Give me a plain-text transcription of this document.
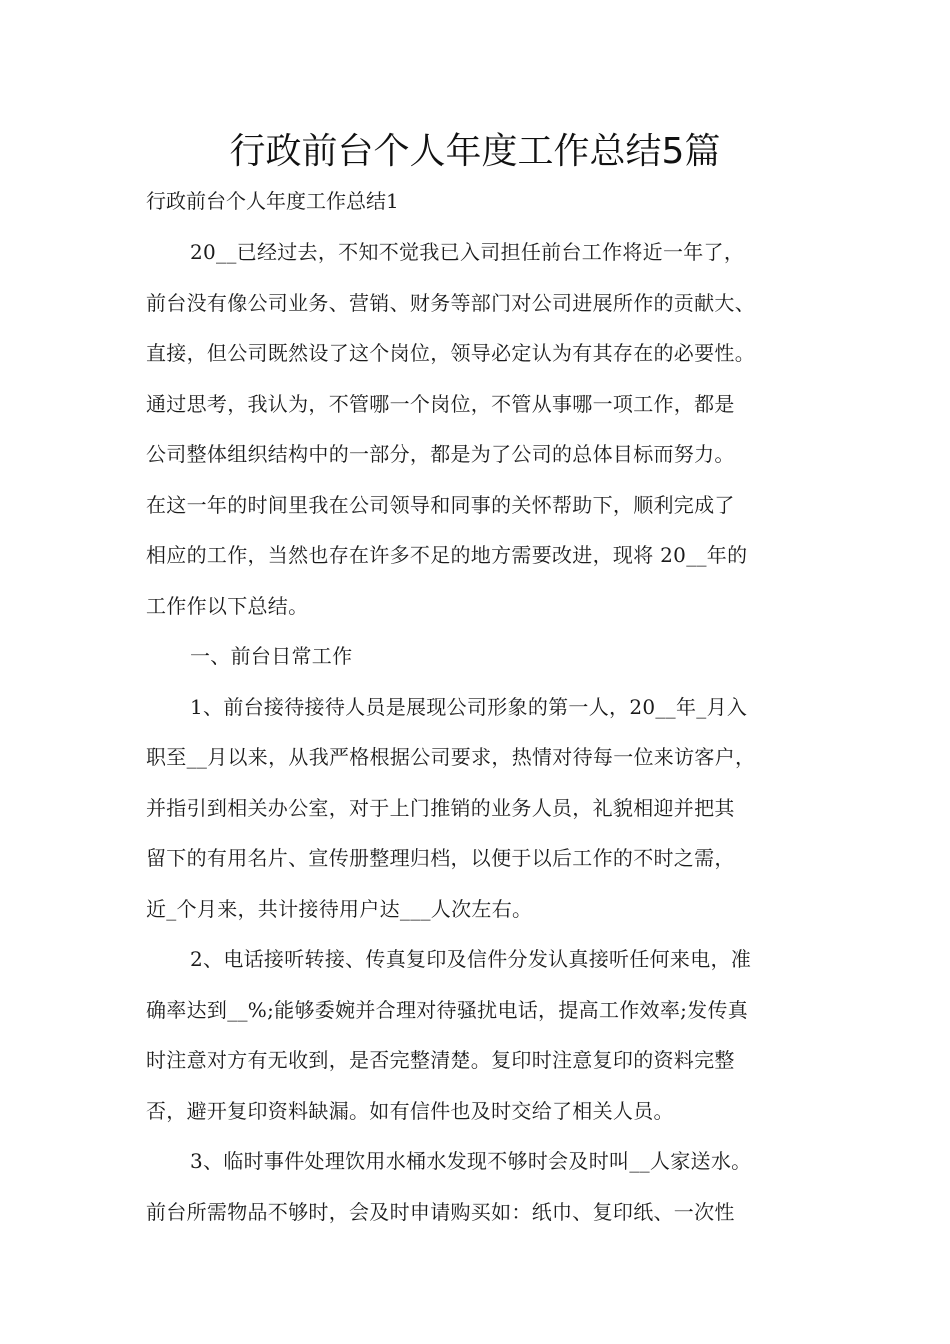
行政前台个人年度工作总结5篇

行政前台个人年度工作总结1

20__已经过去，不知不觉我已入司担任前台工作将近一年了，
前台没有像公司业务、营销、财务等部门对公司进展所作的贡献大、
直接，但公司既然设了这个岗位，领导必定认为有其存在的必要性。
通过思考，我认为，不管哪一个岗位，不管从事哪一项工作，都是
公司整体组织结构中的一部分，都是为了公司的总体目标而努力。
在这一年的时间里我在公司领导和同事的关怀帮助下，顺利完成了
相应的工作，当然也存在许多不足的地方需要改进，现将 20__年的
工作作以下总结。
一、前台日常工作
1、前台接待接待人员是展现公司形象的第一人，20__年_月入
职至__月以来，从我严格根据公司要求，热情对待每一位来访客户，
并指引到相关办公室，对于上门推销的业务人员，礼貌相迎并把其
留下的有用名片、宣传册整理归档，以便于以后工作的不时之需，
近_个月来，共计接待用户达___人次左右。
2、电话接听转接、传真复印及信件分发认真接听任何来电，准
确率达到__%;能够委婉并合理对待骚扰电话，提高工作效率;发传真
时注意对方有无收到，是否完整清楚。复印时注意复印的资料完整
否，避开复印资料缺漏。如有信件也及时交给了相关人员。
3、临时事件处理饮用水桶水发现不够时会及时叫__人家送水。
前台所需物品不够时，会及时申请购买如：纸巾、复印纸、一次性
